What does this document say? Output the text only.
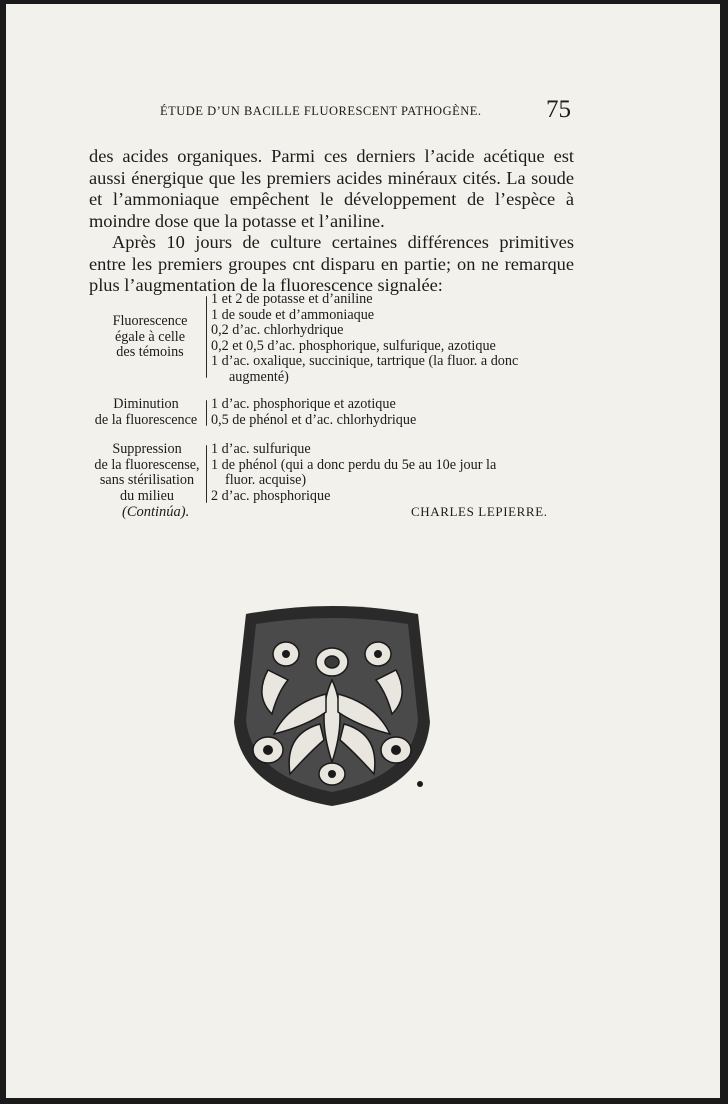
ÉTUDE D’UN BACILLE FLUORESCENT PATHOGÈNE.	75

des acides organiques. Parmi ces derniers l’acide acétique est aussi énergique que les premiers acides minéraux cités. La soude et l’ammoniaque empêchent le développement de l’espèce à moindre dose que la potasse et l’aniline.

Après 10 jours de culture certaines différences primitives entre les premiers groupes cnt disparu en partie; on ne remarque plus l’augmentation de la fluorescence signalée:

Fluorescence
égale à celle
des témoins
1 et 2 de potasse et d’aniline
1 de soude et d’ammoniaque
0,2 d’ac. chlorhydrique
0,2 et 0,5 d’ac. phosphorique, sulfurique, azotique
1 d’ac. oxalique, succinique, tartrique (la fluor. a donc
augmenté)
Diminution
de la fluorescence
1 d’ac. phosphorique et azotique
0,5 de phénol et d’ac. chlorhydrique
Suppression
de la fluorescense,
sans stérilisation
du milieu
1 d’ac. sulfurique
1 de phénol (qui a donc perdu du 5e au 10e jour la
fluor. acquise)
2 d’ac. phosphorique
(Continúa).	CHARLES LEPIERRE.
